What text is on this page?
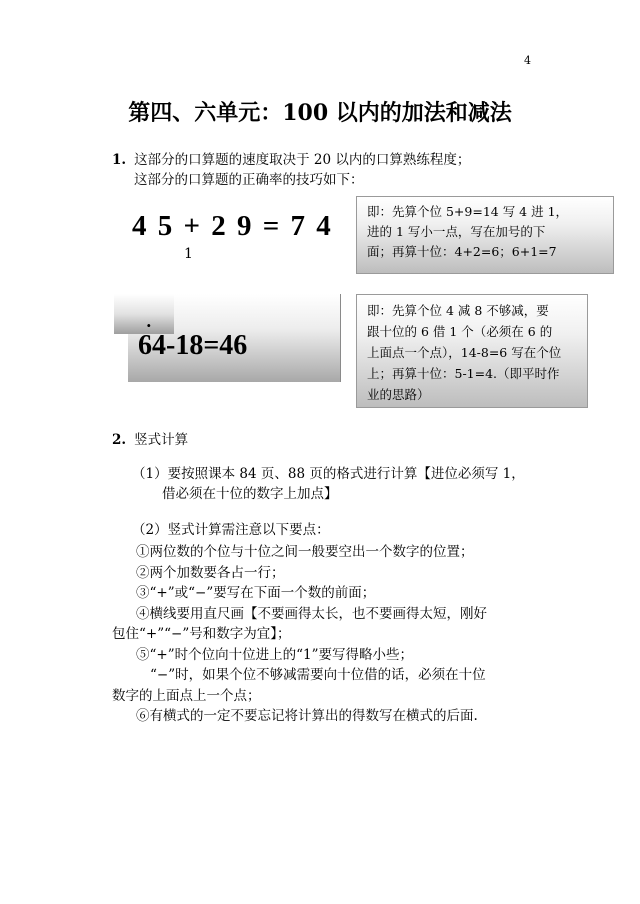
4
第四、六单元：100 以内的加法和减法
1. 这部分的口算题的速度取决于 20 以内的口算熟练程度；
这部分的口算题的正确率的技巧如下：
4 5 + 2 9 = 7 4
1
即：先算个位 5+9=14 写 4 进 1，
进的 1 写小一点，写在加号的下
面；再算十位：4+2=6；6+1=7
.
64-18=46
即：先算个位 4 减 8 不够减，要
跟十位的 6 借 1 个（必须在 6 的
上面点一个点），14-8=6 写在个位
上；再算十位：5-1=4.（即平时作
业的思路）
2. 竖式计算
（1）要按照课本 84 页、88 页的格式进行计算【进位必须写 1，
借必须在十位的数字上加点】
（2）竖式计算需注意以下要点：
①两位数的个位与十位之间一般要空出一个数字的位置；
②两个加数要各占一行；
③“+”或“−”要写在下面一个数的前面；
④横线要用直尺画【不要画得太长，也不要画得太短，刚好
包住“+”“−”号和数字为宜】；
⑤“+”时个位向十位进上的“1”要写得略小些；
“−”时，如果个位不够减需要向十位借的话，必须在十位
数字的上面点上一个点；
⑥有横式的一定不要忘记将计算出的得数写在横式的后面.
